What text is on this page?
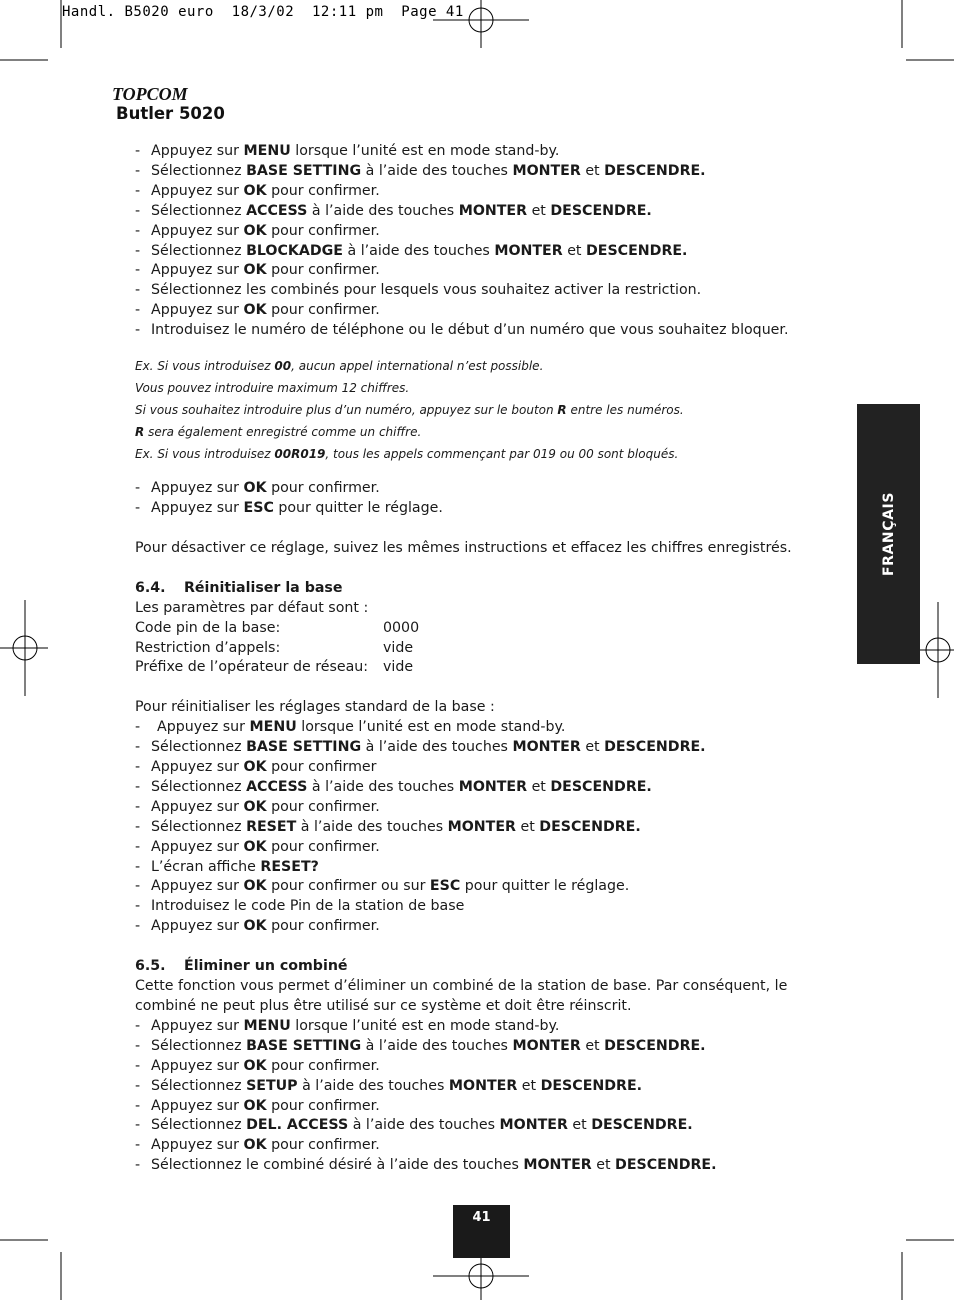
Handl. B5020 euro  18/3/02  12:11 pm  Page 41
TOPCOM
Butler 5020
- Appuyez sur MENU lorsque l’unité est en mode stand-by.
- Sélectionnez BASE SETTING à l’aide des touches MONTER et DESCENDRE.
- Appuyez sur OK pour confirmer.
- Sélectionnez ACCESS à l’aide des touches MONTER et DESCENDRE.
- Appuyez sur OK pour confirmer.
- Sélectionnez BLOCKADGE à l’aide des touches MONTER et DESCENDRE.
- Appuyez sur OK pour confirmer.
- Sélectionnez les combinés pour lesquels vous souhaitez activer la restriction.
- Appuyez sur OK pour confirmer.
- Introduisez le numéro de téléphone ou le début d’un numéro que vous souhaitez bloquer.
Ex. Si vous introduisez 00, aucun appel international n’est possible.
Vous pouvez introduire maximum 12 chiffres.
Si vous souhaitez introduire plus d’un numéro, appuyez sur le bouton R entre les numéros.
R sera également enregistré comme un chiffre.
Ex. Si vous introduisez 00R019, tous les appels commençant par 019 ou 00 sont bloqués.
- Appuyez sur OK pour confirmer.
- Appuyez sur ESC pour quitter le réglage.
Pour désactiver ce réglage, suivez les mêmes instructions et effacez les chiffres enregistrés.
6.4. Réinitialiser la base
Les paramètres par défaut sont :
Code pin de la base:	0000
Restriction d’appels:	vide
Préfixe de l’opérateur de réseau:	vide
Pour réinitialiser les réglages standard de la base :
- Appuyez sur MENU lorsque l’unité est en mode stand-by.
- Sélectionnez BASE SETTING à l’aide des touches MONTER et DESCENDRE.
- Appuyez sur OK pour confirmer
- Sélectionnez ACCESS à l’aide des touches MONTER et DESCENDRE.
- Appuyez sur OK pour confirmer.
- Sélectionnez RESET à l’aide des touches MONTER et DESCENDRE.
- Appuyez sur OK pour confirmer.
- L’écran affiche RESET?
- Appuyez sur OK pour confirmer ou sur ESC pour quitter le réglage.
- Introduisez le code Pin de la station de base
- Appuyez sur OK pour confirmer.
6.5. Éliminer un combiné
Cette fonction vous permet d’éliminer un combiné de la station de base. Par conséquent, le combiné ne peut plus être utilisé sur ce système et doit être réinscrit.
- Appuyez sur MENU lorsque l’unité est en mode stand-by.
- Sélectionnez BASE SETTING à l’aide des touches MONTER et DESCENDRE.
- Appuyez sur OK pour confirmer.
- Sélectionnez SETUP à l’aide des touches MONTER et DESCENDRE.
- Appuyez sur OK pour confirmer.
- Sélectionnez DEL. ACCESS à l’aide des touches MONTER et DESCENDRE.
- Appuyez sur OK pour confirmer.
- Sélectionnez le combiné désiré à l’aide des touches MONTER et DESCENDRE.
FRANÇAIS
41
